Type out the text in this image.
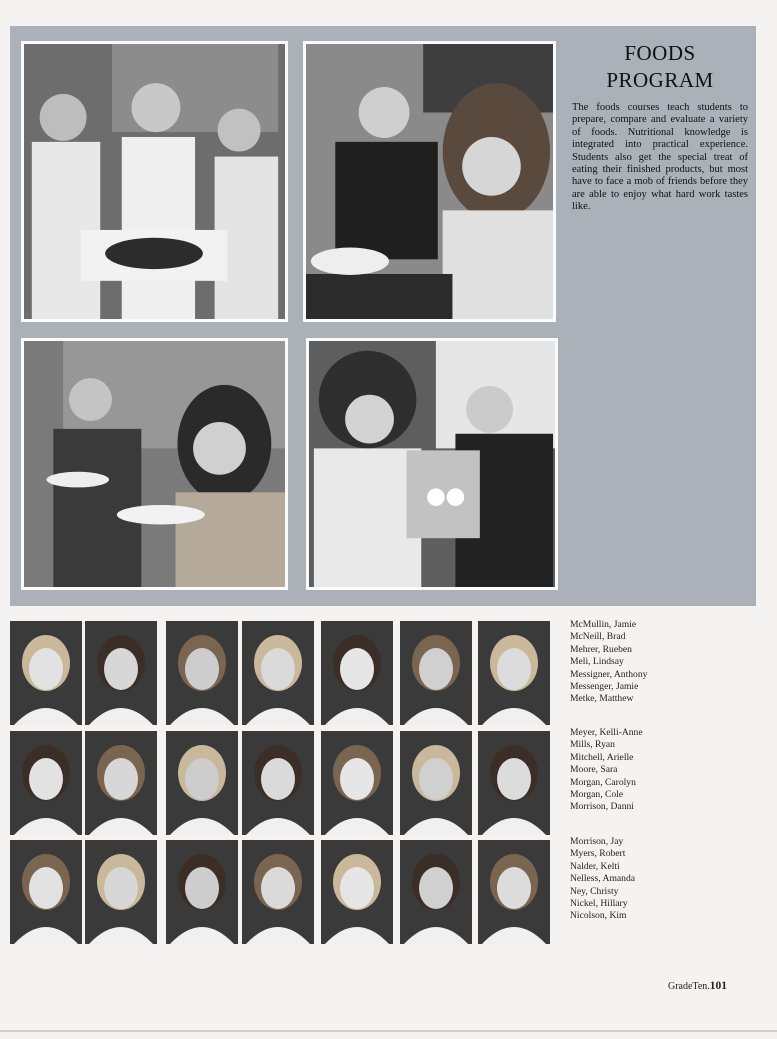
FOODS
PROGRAM
The foods courses teach students to prepare, compare and evaluate a variety of foods. Nutritional knowledge is integrated into practical experience. Students also get the special treat of eating their finished products, but most have to face a mob of friends before they are able to enjoy what hard work tastes like.
McMullin, Jamie
McNeill, Brad
Mehrer, Rueben
Meli, Lindsay
Messigner, Anthony
Messenger, Jamie
Metke, Matthew
Meyer, Kelli-Anne
Mills, Ryan
Mitchell, Arielle
Moore, Sara
Morgan, Carolyn
Morgan, Cole
Morrison, Danni
Morrison, Jay
Myers, Robert
Nalder, Kelti
Nelless, Amanda
Ney, Christy
Nickel, Hillary
Nicolson, Kim
GradeTen.101
